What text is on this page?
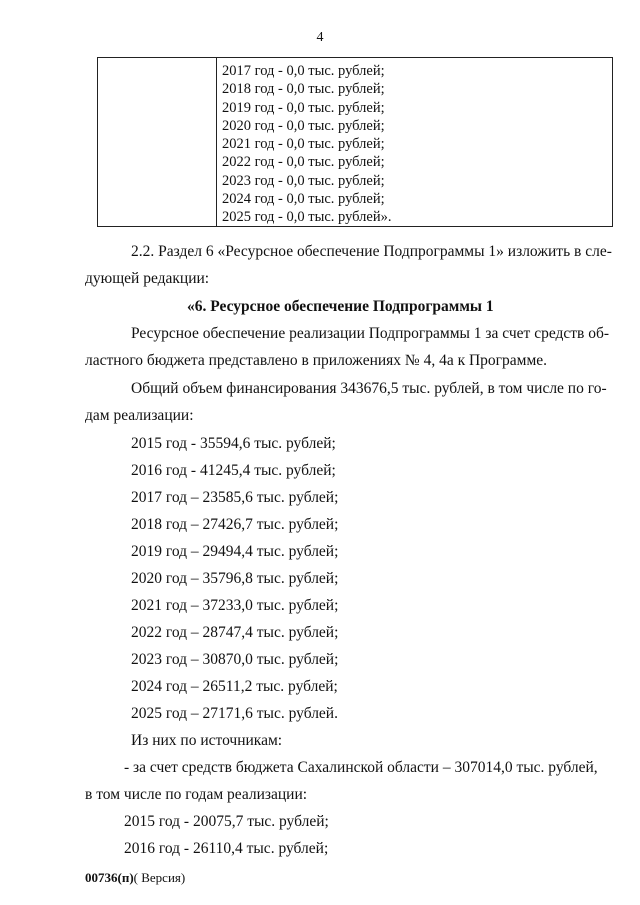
4
2017 год - 0,0 тыс. рублей;
2018 год - 0,0 тыс. рублей;
2019 год - 0,0 тыс. рублей;
2020 год - 0,0 тыс. рублей;
2021 год - 0,0 тыс. рублей;
2022 год - 0,0 тыс. рублей;
2023 год - 0,0 тыс. рублей;
2024 год - 0,0 тыс. рублей;
2025 год - 0,0 тыс. рублей».
2.2. Раздел 6 «Ресурсное обеспечение Подпрограммы 1» изложить в сле-
дующей редакции:
«6. Ресурсное обеспечение Подпрограммы 1
Ресурсное обеспечение реализации Подпрограммы 1 за счет средств об-
ластного бюджета представлено в приложениях № 4, 4а к Программе.
Общий объем финансирования 343676,5 тыс. рублей, в том числе по го-
дам реализации:
2015 год - 35594,6 тыс. рублей;
2016 год - 41245,4 тыс. рублей;
2017 год – 23585,6 тыс. рублей;
2018 год – 27426,7 тыс. рублей;
2019 год – 29494,4 тыс. рублей;
2020 год – 35796,8 тыс. рублей;
2021 год – 37233,0 тыс. рублей;
2022 год – 28747,4 тыс. рублей;
2023 год – 30870,0 тыс. рублей;
2024 год – 26511,2 тыс. рублей;
2025 год – 27171,6 тыс. рублей.
Из них по источникам:
- за счет средств бюджета Сахалинской области – 307014,0 тыс. рублей,
в том числе по годам реализации:
2015 год - 20075,7 тыс. рублей;
2016 год - 26110,4 тыс. рублей;
00736(п)( Версия)
